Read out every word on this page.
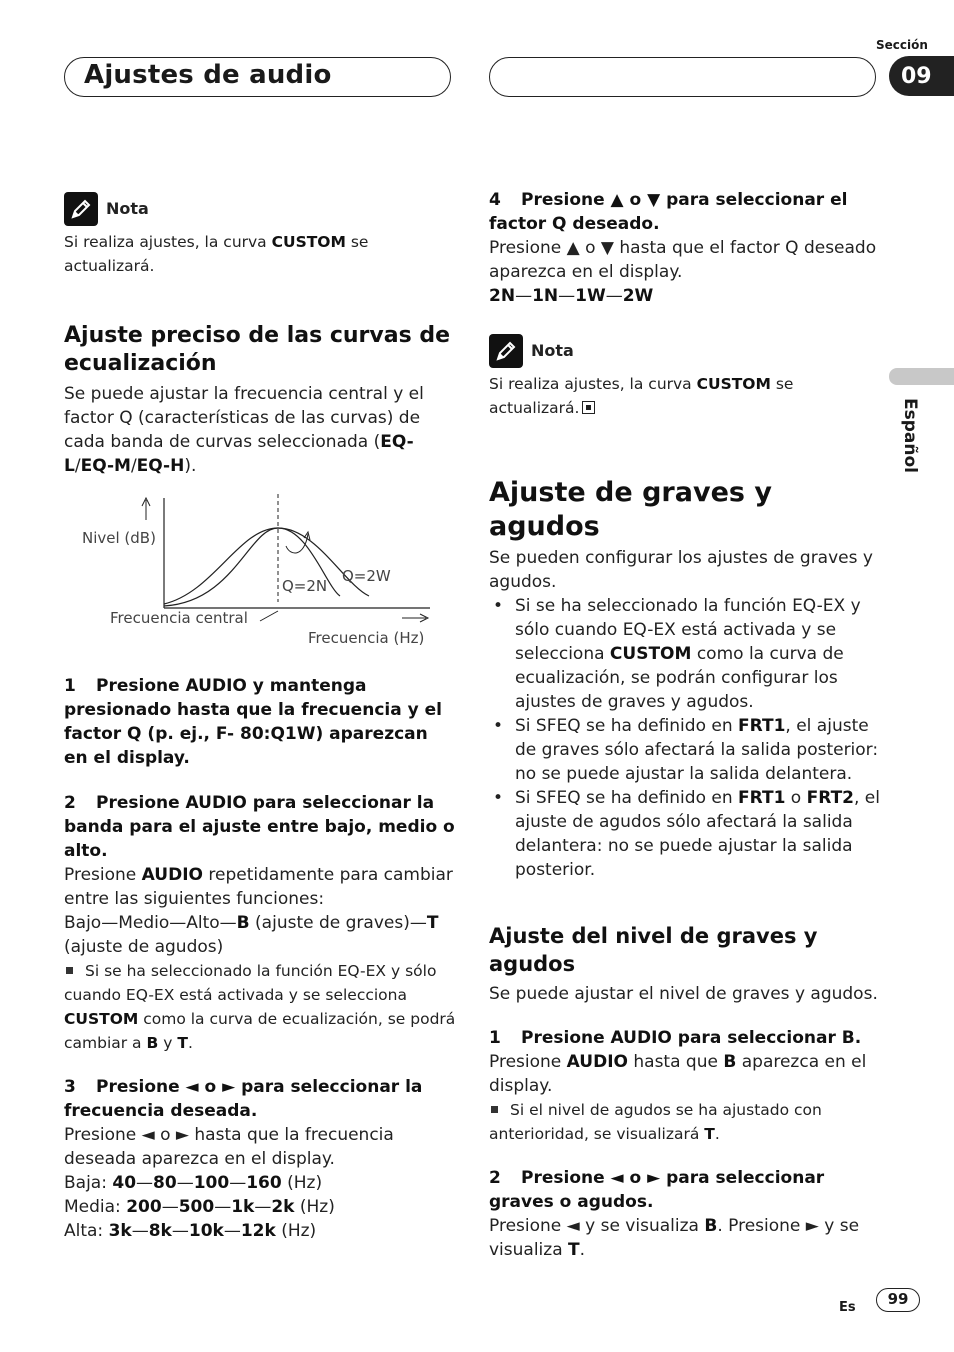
Ajustes de audio
Sección
09
Español
Nota

Si realiza ajustes, la curva CUSTOM se actualizará.

Ajuste preciso de las curvas de ecualización

Se puede ajustar la frecuencia central y el factor Q (características de las curvas) de cada banda de curvas seleccionada (EQ-L/EQ-M/EQ-H).

Nivel (dB)
Q=2W
Q=2N
Frecuencia central
Frecuencia (Hz)

1 Presione AUDIO y mantenga presionado hasta que la frecuencia y el factor Q (p. ej., F- 80:Q1W) aparezcan en el display.

2 Presione AUDIO para seleccionar la banda para el ajuste entre bajo, medio o alto.

Presione AUDIO repetidamente para cambiar entre las siguientes funciones:

Bajo—Medio—Alto—B (ajuste de graves)—T
(ajuste de agudos)

Si se ha seleccionado la función EQ-EX y sólo cuando EQ-EX está activada y se selecciona CUSTOM como la curva de ecualización, se podrá cambiar a B y T.

3 Presione ◄ o ► para seleccionar la frecuencia deseada.

Presione ◄ o ► hasta que la frecuencia deseada aparezca en el display.

Baja: 40—80—100—160 (Hz)

Media: 200—500—1k—2k (Hz)

Alta: 3k—8k—10k—12k (Hz)

4 Presione ▲ o ▼ para seleccionar el factor Q deseado.

Presione ▲ o ▼ hasta que el factor Q deseado aparezca en el display.

2N—1N—1W—2W

Nota

Si realiza ajustes, la curva CUSTOM se actualizará.

Ajuste de graves y agudos

Se pueden configurar los ajustes de graves y agudos.

• Si se ha seleccionado la función EQ-EX y sólo cuando EQ-EX está activada y se selecciona CUSTOM como la curva de ecualización, se podrán configurar los ajustes de graves y agudos.

• Si SFEQ se ha definido en FRT1, el ajuste de graves sólo afectará la salida posterior: no se puede ajustar la salida delantera.

• Si SFEQ se ha definido en FRT1 o FRT2, el ajuste de agudos sólo afectará la salida delantera: no se puede ajustar la salida posterior.

Ajuste del nivel de graves y agudos

Se puede ajustar el nivel de graves y agudos.

1 Presione AUDIO para seleccionar B.

Presione AUDIO hasta que B aparezca en el display.

Si el nivel de agudos se ha ajustado con anterioridad, se visualizará T.

2 Presione ◄ o ► para seleccionar graves o agudos.

Presione ◄ y se visualiza B. Presione ► y se visualiza T.

Es	99
